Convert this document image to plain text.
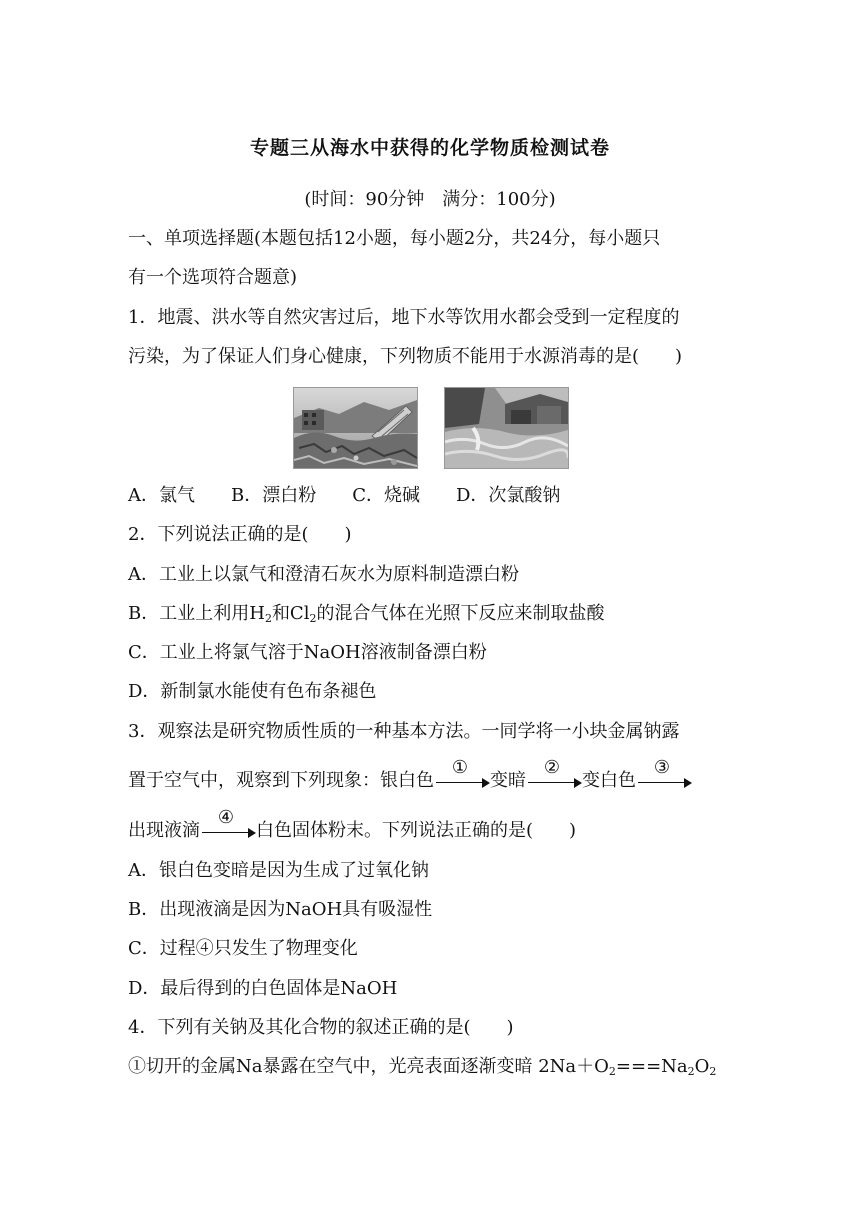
专题三从海水中获得的化学物质检测试卷
(时间：90分钟　满分：100分)
一、单项选择题(本题包括12小题，每小题2分，共24分，每小题只
有一个选项符合题意)
1．地震、洪水等自然灾害过后，地下水等饮用水都会受到一定程度的
污染，为了保证人们身心健康，下列物质不能用于水源消毒的是(　　)
A．氯气　　B．漂白粉　　C．烧碱　　D．次氯酸钠
2．下列说法正确的是(　　)
A．工业上以氯气和澄清石灰水为原料制造漂白粉
B．工业上利用$H_2$和$Cl_2$的混合气体在光照下反应来制取盐酸
C．工业上将氯气溶于NaOH溶液制备漂白粉
D．新制氯水能使有色布条褪色
3．观察法是研究物质性质的一种基本方法。一同学将一小块金属钠露
置于空气中，观察到下列现象：银白色
①
变暗
②
变白色
③
出现液滴
④
白色固体粉末。下列说法正确的是(　　)
A．银白色变暗是因为生成了过氧化钠
B．出现液滴是因为NaOH具有吸湿性
C．过程④只发生了物理变化
D．最后得到的白色固体是NaOH
4．下列有关钠及其化合物的叙述正确的是(　　)
①切开的金属Na暴露在空气中，光亮表面逐渐变暗 $2Na+O_2===Na_2O_2$
